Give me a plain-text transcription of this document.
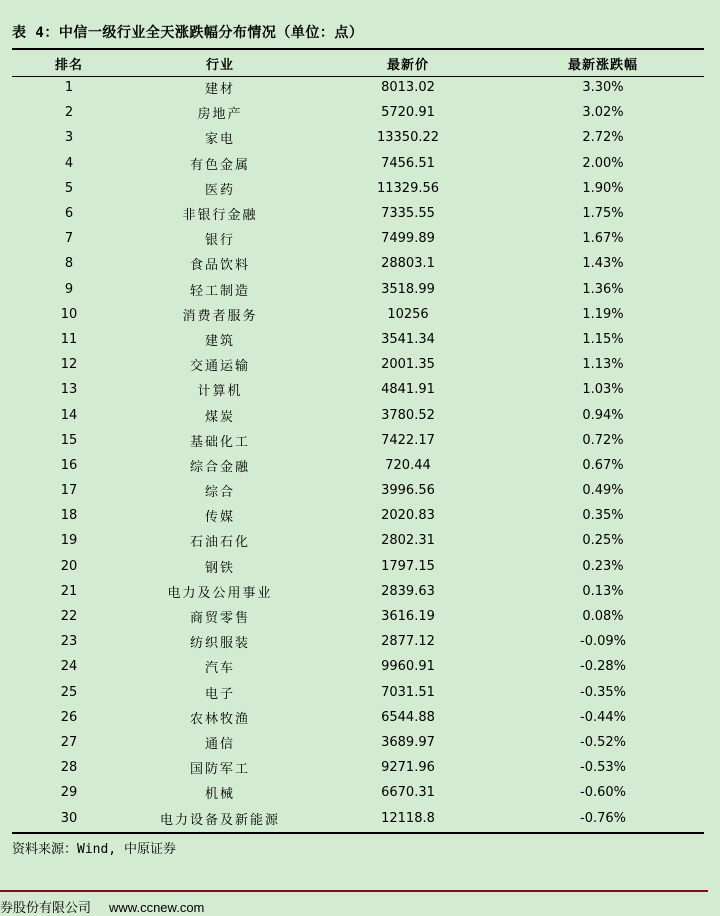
表 4：中信一级行业全天涨跌幅分布情况（单位：点）
排名	行业	最新价	最新涨跌幅
1	建材	8013.02	3.30%
2	房地产	5720.91	3.02%
3	家电	13350.22	2.72%
4	有色金属	7456.51	2.00%
5	医药	11329.56	1.90%
6	非银行金融	7335.55	1.75%
7	银行	7499.89	1.67%
8	食品饮料	28803.1	1.43%
9	轻工制造	3518.99	1.36%
10	消费者服务	10256	1.19%
11	建筑	3541.34	1.15%
12	交通运输	2001.35	1.13%
13	计算机	4841.91	1.03%
14	煤炭	3780.52	0.94%
15	基础化工	7422.17	0.72%
16	综合金融	720.44	0.67%
17	综合	3996.56	0.49%
18	传媒	2020.83	0.35%
19	石油石化	2802.31	0.25%
20	钢铁	1797.15	0.23%
21	电力及公用事业	2839.63	0.13%
22	商贸零售	3616.19	0.08%
23	纺织服装	2877.12	-0.09%
24	汽车	9960.91	-0.28%
25	电子	7031.51	-0.35%
26	农林牧渔	6544.88	-0.44%
27	通信	3689.97	-0.52%
28	国防军工	9271.96	-0.53%
29	机械	6670.31	-0.60%
30	电力设备及新能源	12118.8	-0.76%
资料来源：Wind, 中原证券
券股份有限公司 www.ccnew.com
